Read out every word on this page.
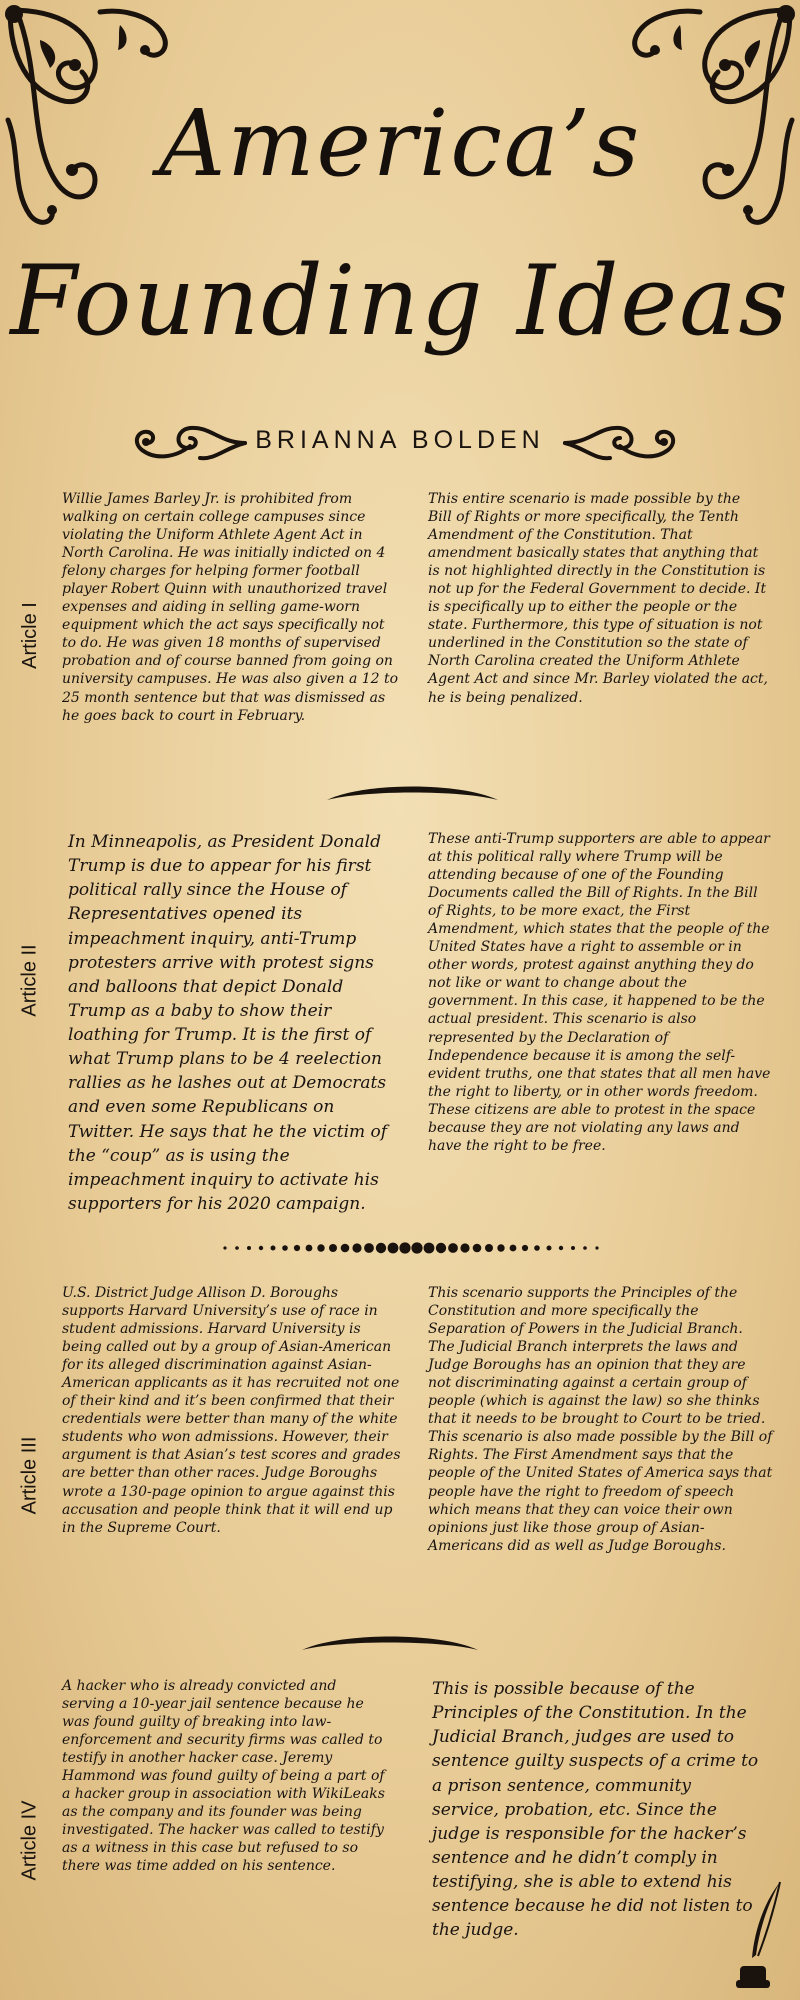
America’s
Founding Ideas
BRIANNA BOLDEN
Article I
Willie James Barley Jr. is prohibited from walking on certain college campuses since violating the Uniform Athlete Agent Act in North Carolina. He was initially indicted on 4 felony charges for helping former football player Robert Quinn with unauthorized travel expenses and aiding in selling game-worn equipment which the act says specifically not to do. He was given 18 months of supervised probation and of course banned from going on university campuses. He was also given a 12 to 25 month sentence but that was dismissed as he goes back to court in February.
This entire scenario is made possible by the Bill of Rights or more specifically, the Tenth Amendment of the Constitution. That amendment basically states that anything that is not highlighted directly in the Constitution is not up for the Federal Government to decide. It is specifically up to either the people or the state. Furthermore, this type of situation is not underlined in the Constitution so the state of North Carolina created the Uniform Athlete Agent Act and since Mr. Barley violated the act, he is being penalized.
Article II
In Minneapolis, as President Donald Trump is due to appear for his first political rally since the House of Representatives opened its impeachment inquiry, anti-Trump protesters arrive with protest signs and balloons that depict Donald Trump as a baby to show their loathing for Trump. It is the first of what Trump plans to be 4 reelection rallies as he lashes out at Democrats and even some Republicans on Twitter. He says that he the victim of the “coup” as is using the impeachment inquiry to activate his supporters for his 2020 campaign.
These anti-Trump supporters are able to appear at this political rally where Trump will be attending because of one of the Founding Documents called the Bill of Rights. In the Bill of Rights, to be more exact, the First Amendment, which states that the people of the United States have a right to assemble or in other words, protest against anything they do not like or want to change about the government. In this case, it happened to be the actual president. This scenario is also represented by the Declaration of Independence because it is among the self-evident truths, one that states that all men have the right to liberty, or in other words freedom. These citizens are able to protest in the space because they are not violating any laws and have the right to be free.
Article III
U.S. District Judge Allison D. Boroughs supports Harvard University’s use of race in student admissions. Harvard University is being called out by a group of Asian-American for its alleged discrimination against Asian-American applicants as it has recruited not one of their kind and it’s been confirmed that their credentials were better than many of the white students who won admissions. However, their argument is that Asian’s test scores and grades are better than other races. Judge Boroughs wrote a 130-page opinion to argue against this accusation and people think that it will end up in the Supreme Court.
This scenario supports the Principles of the Constitution and more specifically the Separation of Powers in the Judicial Branch. The Judicial Branch interprets the laws and Judge Boroughs has an opinion that they are not discriminating against a certain group of people (which is against the law) so she thinks that it needs to be brought to Court to be tried. This scenario is also made possible by the Bill of Rights. The First Amendment says that the people of the United States of America says that people have the right to freedom of speech which means that they can voice their own opinions just like those group of Asian-Americans did as well as Judge Boroughs.
Article IV
A hacker who is already convicted and serving a 10-year jail sentence because he was found guilty of breaking into law-enforcement and security firms was called to testify in another hacker case. Jeremy Hammond was found guilty of being a part of a hacker group in association with WikiLeaks as the company and its founder was being investigated. The hacker was called to testify as a witness in this case but refused to so there was time added on his sentence.
This is possible because of the Principles of the Constitution. In the Judicial Branch, judges are used to sentence guilty suspects of a crime to a prison sentence, community service, probation, etc. Since the judge is responsible for the hacker’s sentence and he didn’t comply in testifying, she is able to extend his sentence because he did not listen to the judge.
